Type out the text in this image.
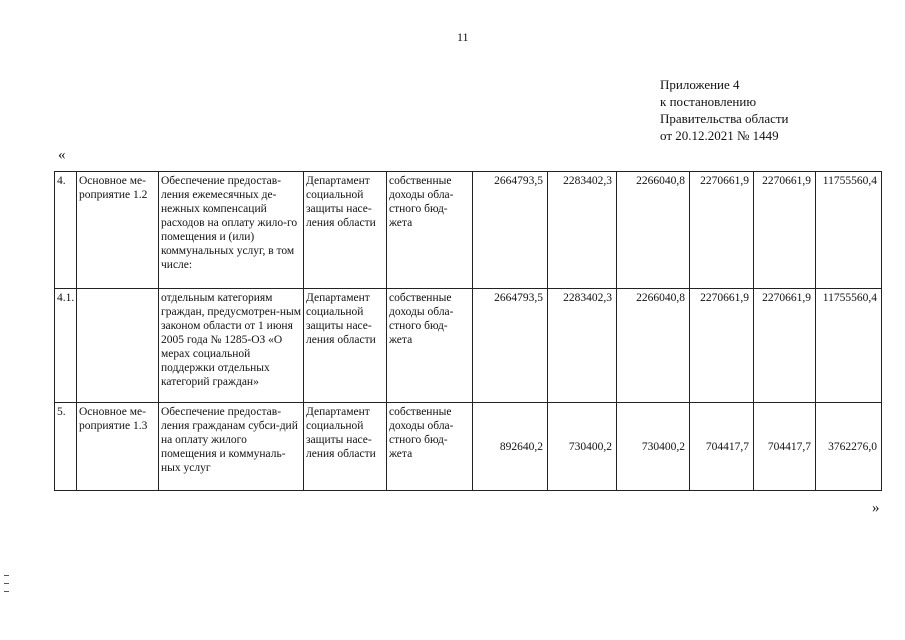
11
Приложение 4
к постановлению
Правительства области
от 20.12.2021 № 1449
«
4.	Основное ме-роприятие 1.2	Обеспечение предостав-ления ежемесячных де-нежных компенсаций расходов на оплату жило-го помещения и (или) коммунальных услуг, в том числе:	Департамент социальной защиты насе-ления области	собственные доходы обла-стного бюд-жета	2664793,5	2283402,3	2266040,8	2270661,9	2270661,9	11755560,4
4.1.		отдельным категориям граждан, предусмотрен-ным законом области от 1 июня 2005 года № 1285-ОЗ «О мерах социальной поддержки отдельных категорий граждан»	Департамент социальной защиты насе-ления области	собственные доходы обла-стного бюд-жета	2664793,5	2283402,3	2266040,8	2270661,9	2270661,9	11755560,4
5.	Основное ме-роприятие 1.3	Обеспечение предостав-ления гражданам субси-дий на оплату жилого помещения и коммуналь-ных услуг	Департамент социальной защиты насе-ления области	собственные доходы обла-стного бюд-жета	892640,2	730400,2	730400,2	704417,7	704417,7	3762276,0
»
